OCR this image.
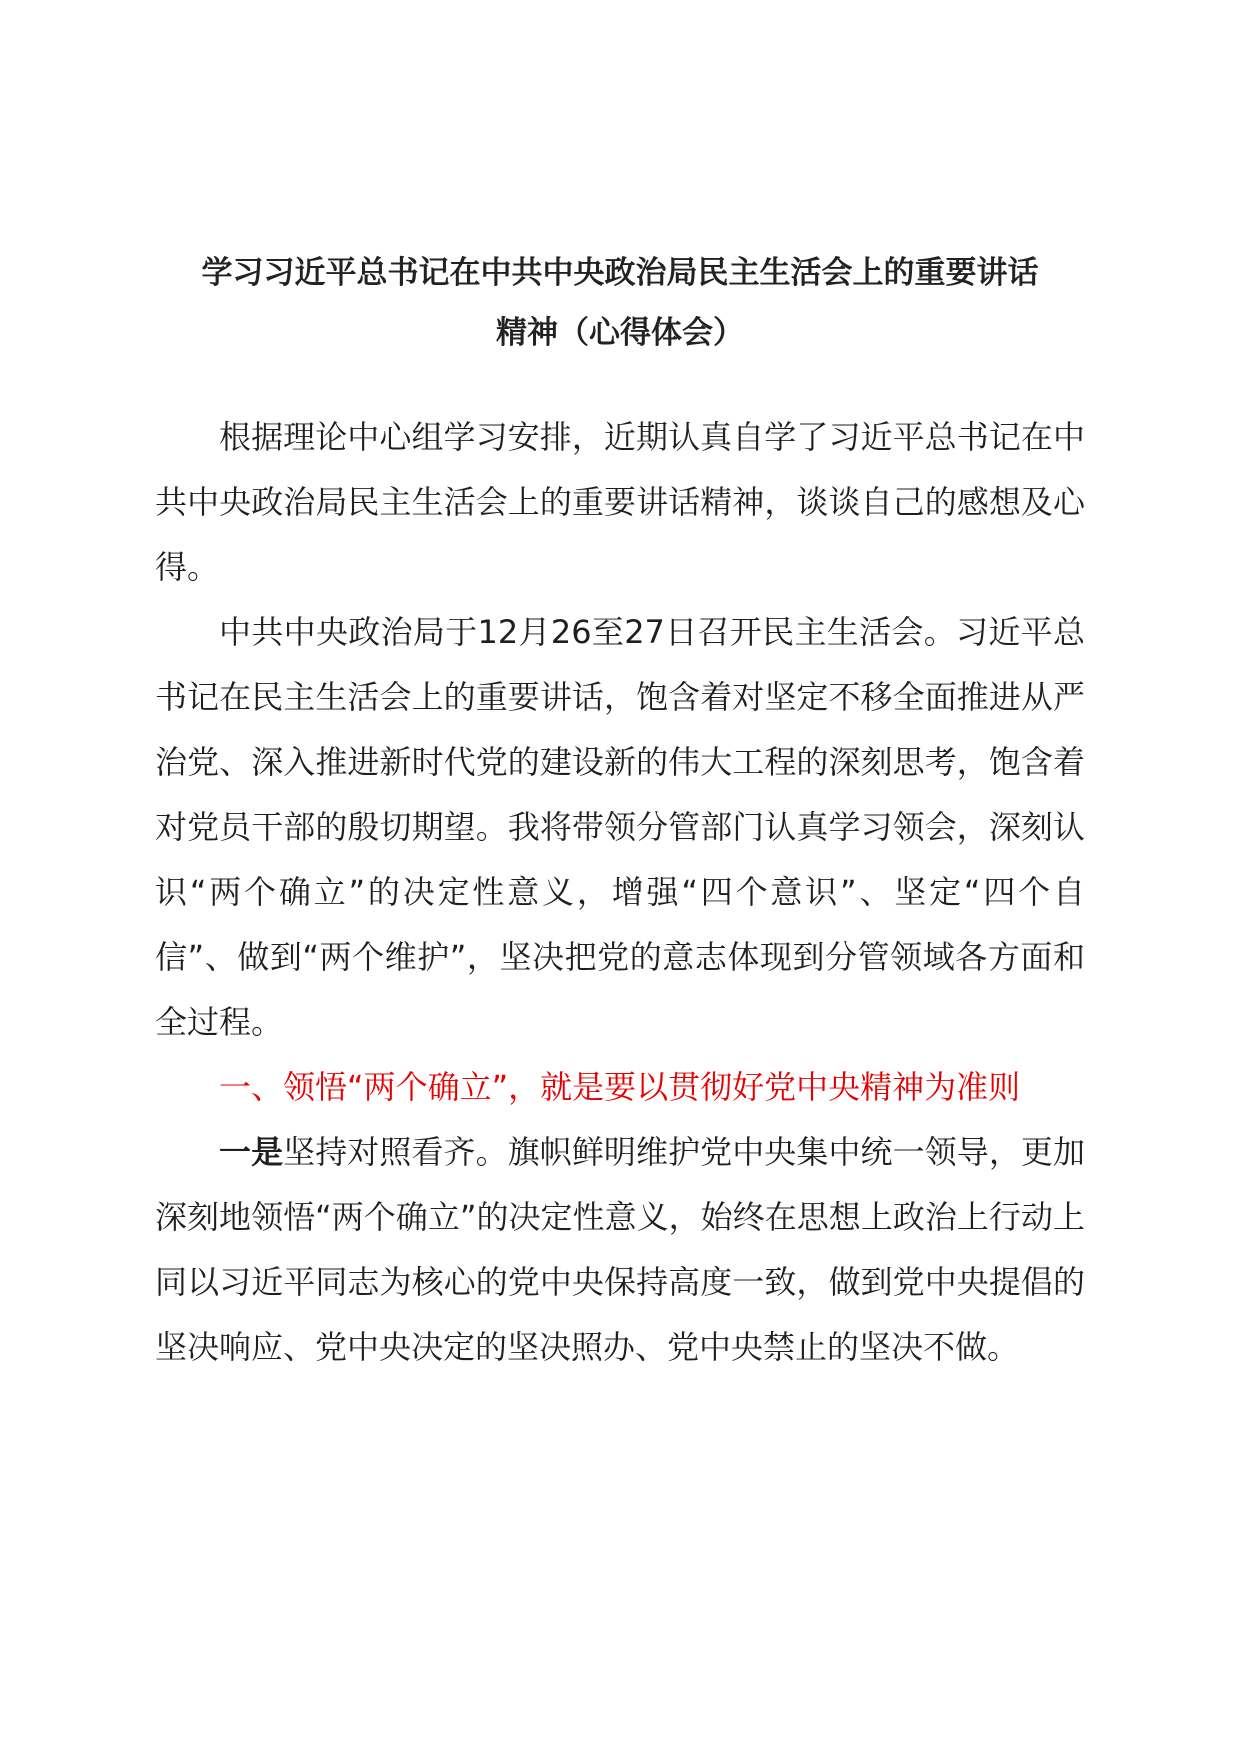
学习习近平总书记在中共中央政治局民主生活会上的重要讲话
精神（心得体会）

根据理论中心组学习安排，近期认真自学了习近平总书记在中共中央政治局民主生活会上的重要讲话精神，谈谈自己的感想及心得。

中共中央政治局于12月26至27日召开民主生活会。习近平总书记在民主生活会上的重要讲话，饱含着对坚定不移全面推进从严治党、深入推进新时代党的建设新的伟大工程的深刻思考，饱含着对党员干部的殷切期望。我将带领分管部门认真学习领会，深刻认识“两个确立”的决定性意义，增强“四个意识”、坚定“四个自信”、做到“两个维护”，坚决把党的意志体现到分管领域各方面和全过程。

一、领悟“两个确立”，就是要以贯彻好党中央精神为准则

一是坚持对照看齐。旗帜鲜明维护党中央集中统一领导，更加深刻地领悟“两个确立”的决定性意义，始终在思想上政治上行动上同以习近平同志为核心的党中央保持高度一致，做到党中央提倡的坚决响应、党中央决定的坚决照办、党中央禁止的坚决不做。
